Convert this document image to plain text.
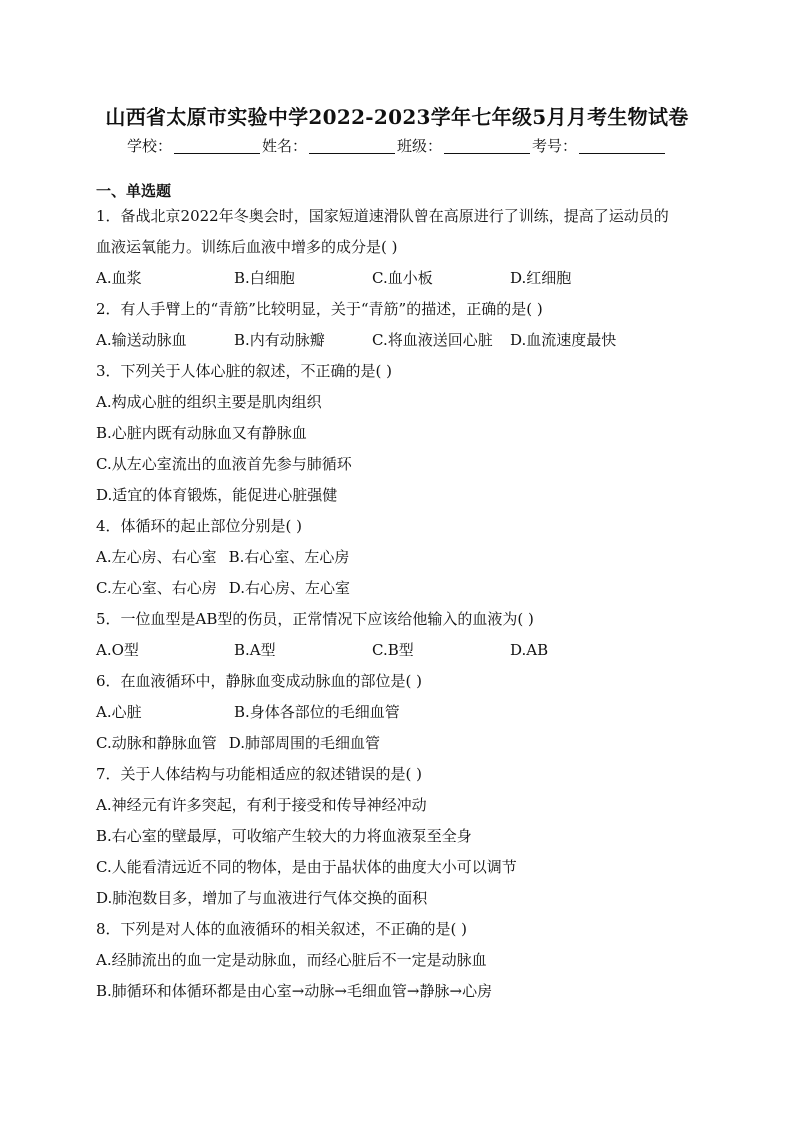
山西省太原市实验中学2022-2023学年七年级5月月考生物试卷
学校：	姓名：	班级：	考号：
一、单选题
1．备战北京2022年冬奥会时，国家短道速滑队曾在高原进行了训练，提高了运动员的
血液运氧能力。训练后血液中增多的成分是( )
A.血浆	B.白细胞	C.血小板	D.红细胞
2．有人手臂上的“青筋”比较明显，关于“青筋”的描述，正确的是( )
A.输送动脉血	B.内有动脉瓣	C.将血液送回心脏	D.血流速度最快
3．下列关于人体心脏的叙述，不正确的是( )
A.构成心脏的组织主要是肌肉组织
B.心脏内既有动脉血又有静脉血
C.从左心室流出的血液首先参与肺循环
D.适宜的体育锻炼，能促进心脏强健
4．体循环的起止部位分别是( )
A.左心房、右心室 B.右心室、左心房
C.左心室、右心房 D.右心房、左心室
5．一位血型是AB型的伤员，正常情况下应该给他输入的血液为( )
A.O型	B.A型	C.B型	D.AB
6．在血液循环中，静脉血变成动脉血的部位是( )
A.心脏	B.身体各部位的毛细血管
C.动脉和静脉血管 D.肺部周围的毛细血管
7．关于人体结构与功能相适应的叙述错误的是( )
A.神经元有许多突起，有利于接受和传导神经冲动
B.右心室的壁最厚，可收缩产生较大的力将血液泵至全身
C.人能看清远近不同的物体，是由于晶状体的曲度大小可以调节
D.肺泡数目多，增加了与血液进行气体交换的面积
8．下列是对人体的血液循环的相关叙述，不正确的是( )
A.经肺流出的血一定是动脉血，而经心脏后不一定是动脉血
B.肺循环和体循环都是由心室→动脉→毛细血管→静脉→心房
